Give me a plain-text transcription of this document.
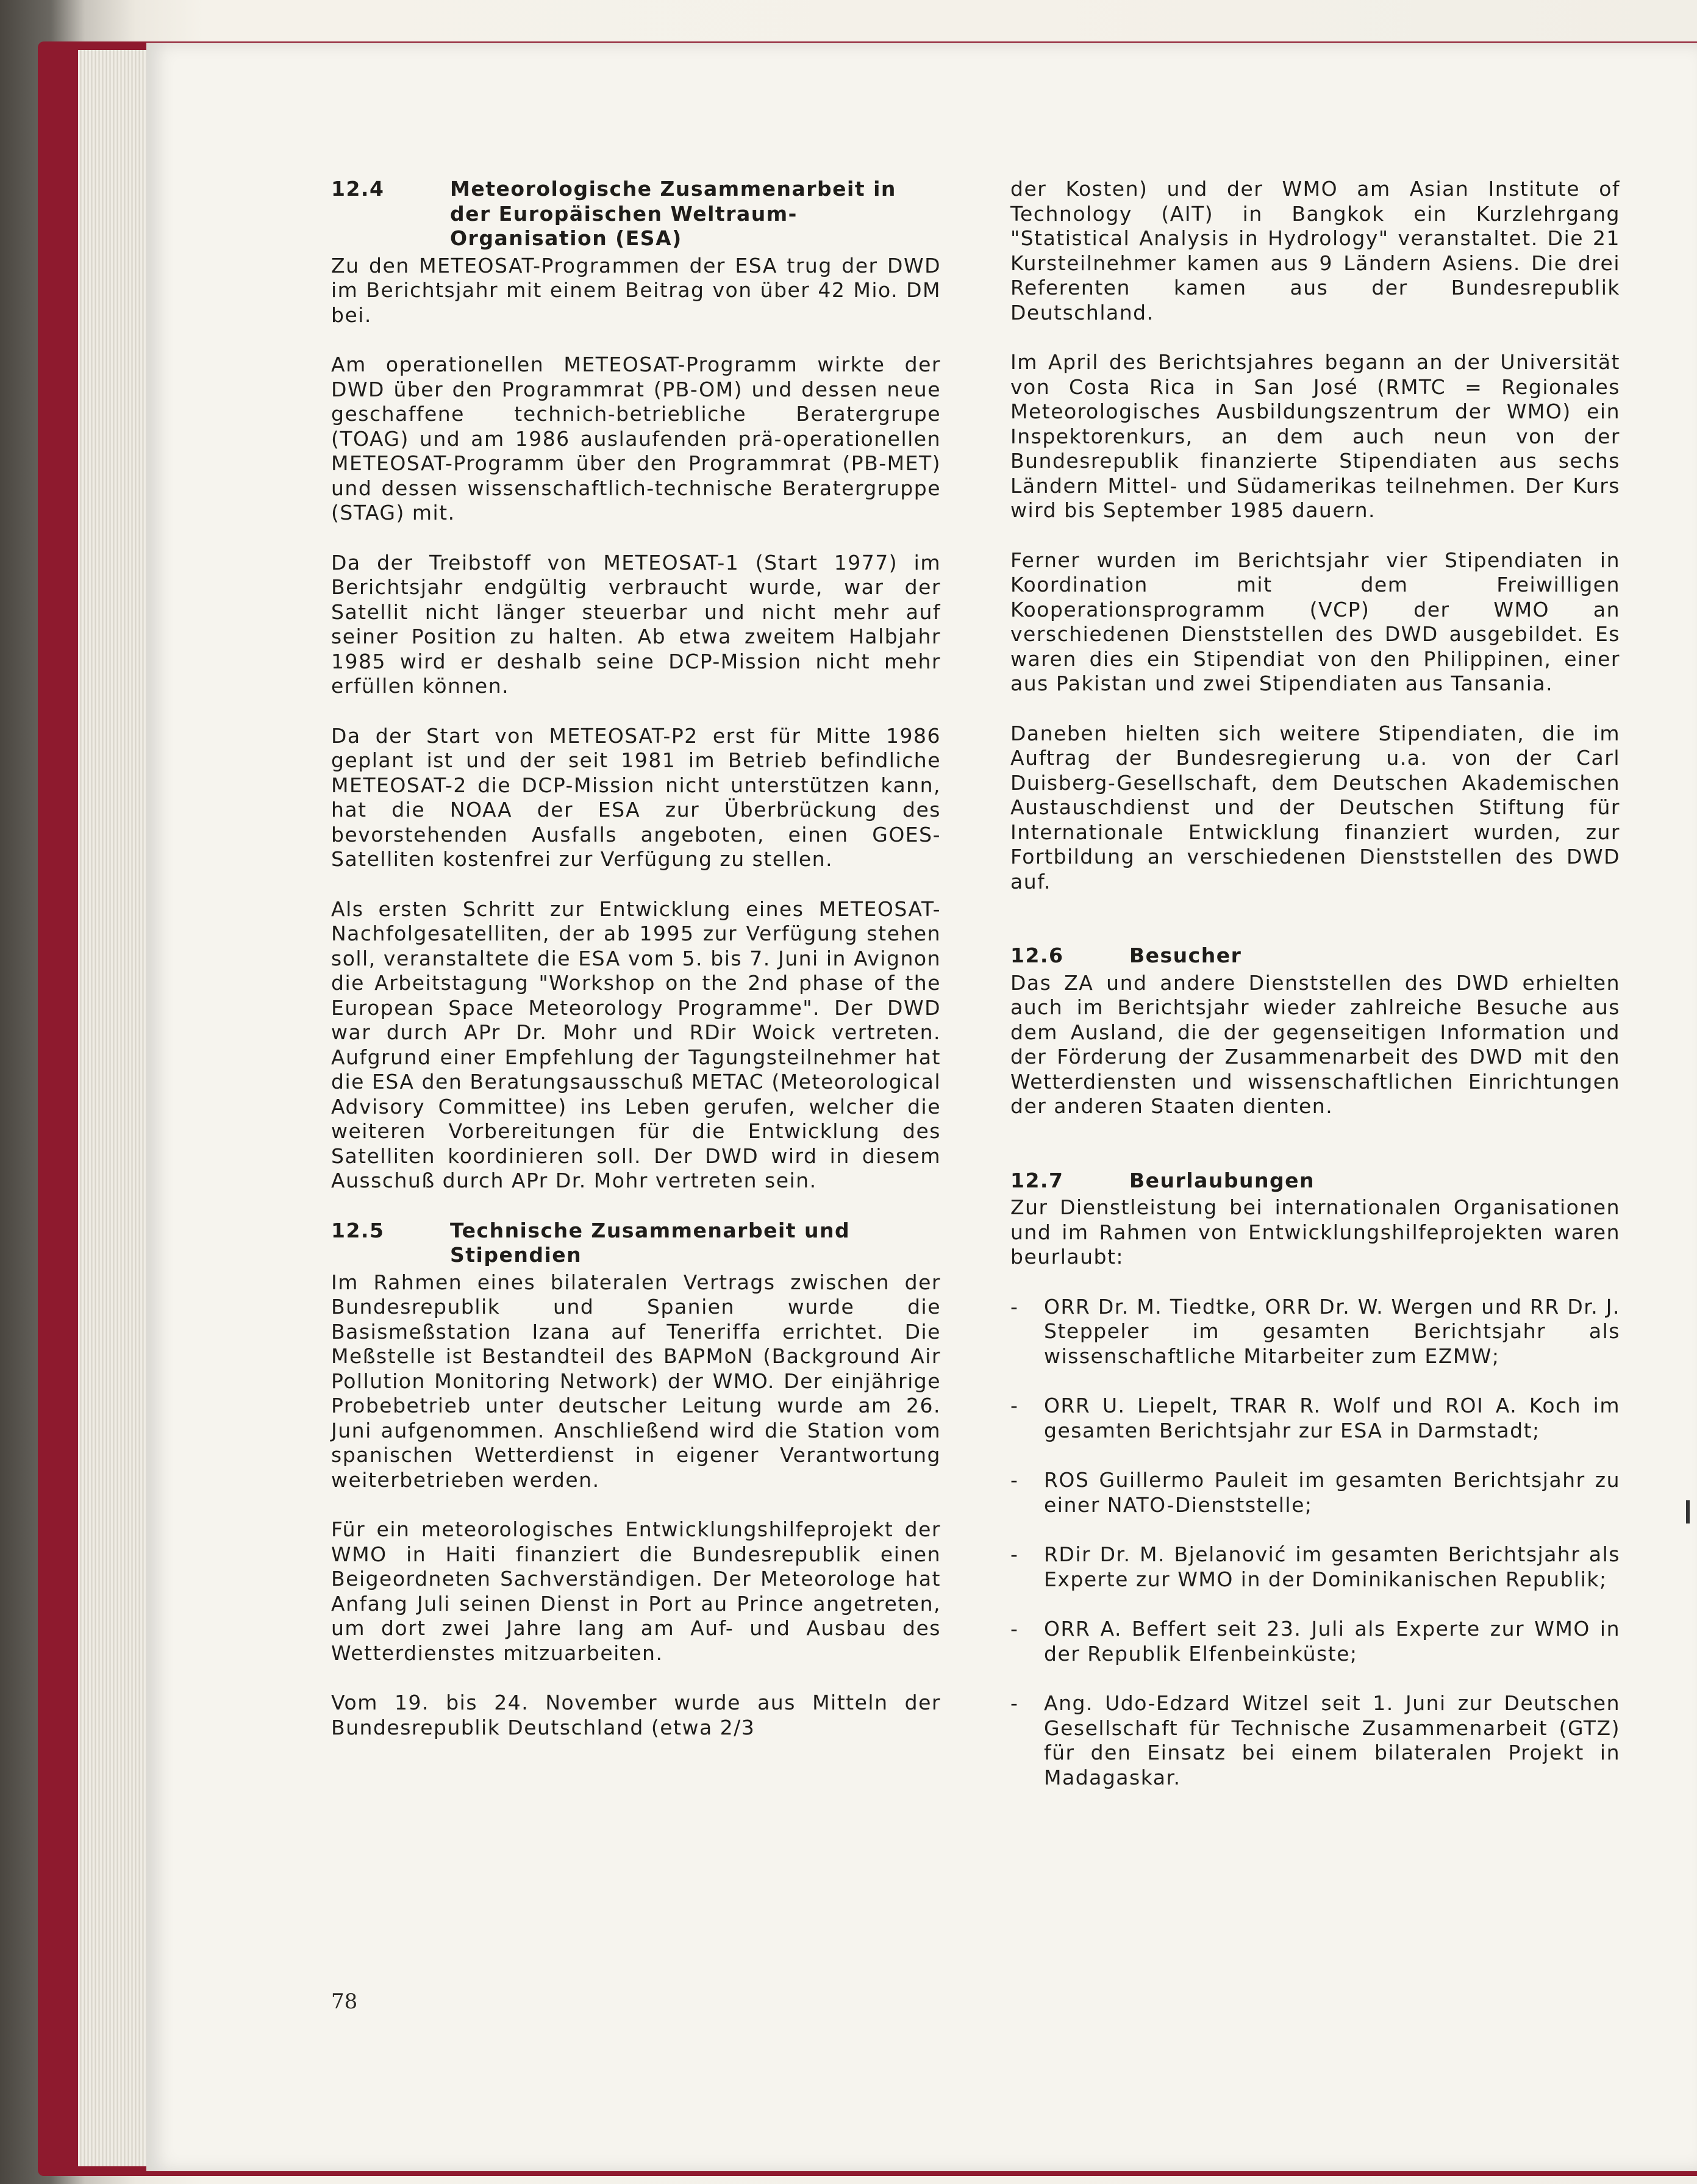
12.4	Meteorologische Zusammenarbeit in der Europäischen Weltraum-Organisation (ESA)

Zu den METEOSAT-Programmen der ESA trug der DWD im Berichtsjahr mit einem Beitrag von über 42 Mio. DM bei.

Am operationellen METEOSAT-Programm wirkte der DWD über den Programmrat (PB-OM) und dessen neue geschaffene technich-betriebliche Beratergrupe (TOAG) und am 1986 auslaufenden prä-operationellen METEOSAT-Programm über den Programmrat (PB-MET) und dessen wissenschaftlich-technische Beratergruppe (STAG) mit.

Da der Treibstoff von METEOSAT-1 (Start 1977) im Berichtsjahr endgültig verbraucht wurde, war der Satellit nicht länger steuerbar und nicht mehr auf seiner Position zu halten. Ab etwa zweitem Halbjahr 1985 wird er deshalb seine DCP-Mission nicht mehr erfüllen können.

Da der Start von METEOSAT-P2 erst für Mitte 1986 geplant ist und der seit 1981 im Betrieb befindliche METEOSAT-2 die DCP-Mission nicht unterstützen kann, hat die NOAA der ESA zur Überbrückung des bevorstehenden Ausfalls angeboten, einen GOES-Satelliten kostenfrei zur Verfügung zu stellen.

Als ersten Schritt zur Entwicklung eines METEOSAT-Nachfolgesatelliten, der ab 1995 zur Verfügung stehen soll, veranstaltete die ESA vom 5. bis 7. Juni in Avignon die Arbeitstagung "Workshop on the 2nd phase of the European Space Meteorology Programme". Der DWD war durch APr Dr. Mohr und RDir Woick vertreten. Aufgrund einer Empfehlung der Tagungsteilnehmer hat die ESA den Beratungsausschuß METAC (Meteorological Advisory Committee) ins Leben gerufen, welcher die weiteren Vorbereitungen für die Entwicklung des Satelliten koordinieren soll. Der DWD wird in diesem Ausschuß durch APr Dr. Mohr vertreten sein.

12.5	Technische Zusammenarbeit und Stipendien

Im Rahmen eines bilateralen Vertrags zwischen der Bundesrepublik und Spanien wurde die Basismeßstation Izana auf Teneriffa errichtet. Die Meßstelle ist Bestandteil des BAPMoN (Background Air Pollution Monitoring Network) der WMO. Der einjährige Probebetrieb unter deutscher Leitung wurde am 26. Juni aufgenommen. Anschließend wird die Station vom spanischen Wetterdienst in eigener Verantwortung weiterbetrieben werden.

Für ein meteorologisches Entwicklungshilfeprojekt der WMO in Haiti finanziert die Bundesrepublik einen Beigeordneten Sachverständigen. Der Meteorologe hat Anfang Juli seinen Dienst in Port au Prince angetreten, um dort zwei Jahre lang am Auf- und Ausbau des Wetterdienstes mitzuarbeiten.

Vom 19. bis 24. November wurde aus Mitteln der Bundesrepublik Deutschland (etwa 2/3

der Kosten) und der WMO am Asian Institute of Technology (AIT) in Bangkok ein Kurzlehrgang "Statistical Analysis in Hydrology" veranstaltet. Die 21 Kursteilnehmer kamen aus 9 Ländern Asiens. Die drei Referenten kamen aus der Bundesrepublik Deutschland.

Im April des Berichtsjahres begann an der Universität von Costa Rica in San José (RMTC = Regionales Meteorologisches Ausbildungszentrum der WMO) ein Inspektorenkurs, an dem auch neun von der Bundesrepublik finanzierte Stipendiaten aus sechs Ländern Mittel- und Südamerikas teilnehmen. Der Kurs wird bis September 1985 dauern.

Ferner wurden im Berichtsjahr vier Stipendiaten in Koordination mit dem Freiwilligen Kooperationsprogramm (VCP) der WMO an verschiedenen Dienststellen des DWD ausgebildet. Es waren dies ein Stipendiat von den Philippinen, einer aus Pakistan und zwei Stipendiaten aus Tansania.

Daneben hielten sich weitere Stipendiaten, die im Auftrag der Bundesregierung u.a. von der Carl Duisberg-Gesellschaft, dem Deutschen Akademischen Austauschdienst und der Deutschen Stiftung für Internationale Entwicklung finanziert wurden, zur Fortbildung an verschiedenen Dienststellen des DWD auf.

12.6	Besucher

Das ZA und andere Dienststellen des DWD erhielten auch im Berichtsjahr wieder zahlreiche Besuche aus dem Ausland, die der gegenseitigen Information und der Förderung der Zusammenarbeit des DWD mit den Wetterdiensten und wissenschaftlichen Einrichtungen der anderen Staaten dienten.

12.7	Beurlaubungen

Zur Dienstleistung bei internationalen Organisationen und im Rahmen von Entwicklungshilfeprojekten waren beurlaubt:

-	ORR Dr. M. Tiedtke, ORR Dr. W. Wergen und RR Dr. J. Steppeler im gesamten Berichtsjahr als wissenschaftliche Mitarbeiter zum EZMW;
-	ORR U. Liepelt, TRAR R. Wolf und ROI A. Koch im gesamten Berichtsjahr zur ESA in Darmstadt;
-	ROS Guillermo Pauleit im gesamten Berichtsjahr zu einer NATO-Dienststelle;
-	RDir Dr. M. Bjelanović im gesamten Berichtsjahr als Experte zur WMO in der Dominikanischen Republik;
-	ORR A. Beffert seit 23. Juli als Experte zur WMO in der Republik Elfenbeinküste;
-	Ang. Udo-Edzard Witzel seit 1. Juni zur Deutschen Gesellschaft für Technische Zusammenarbeit (GTZ) für den Einsatz bei einem bilateralen Projekt in Madagaskar.
78
